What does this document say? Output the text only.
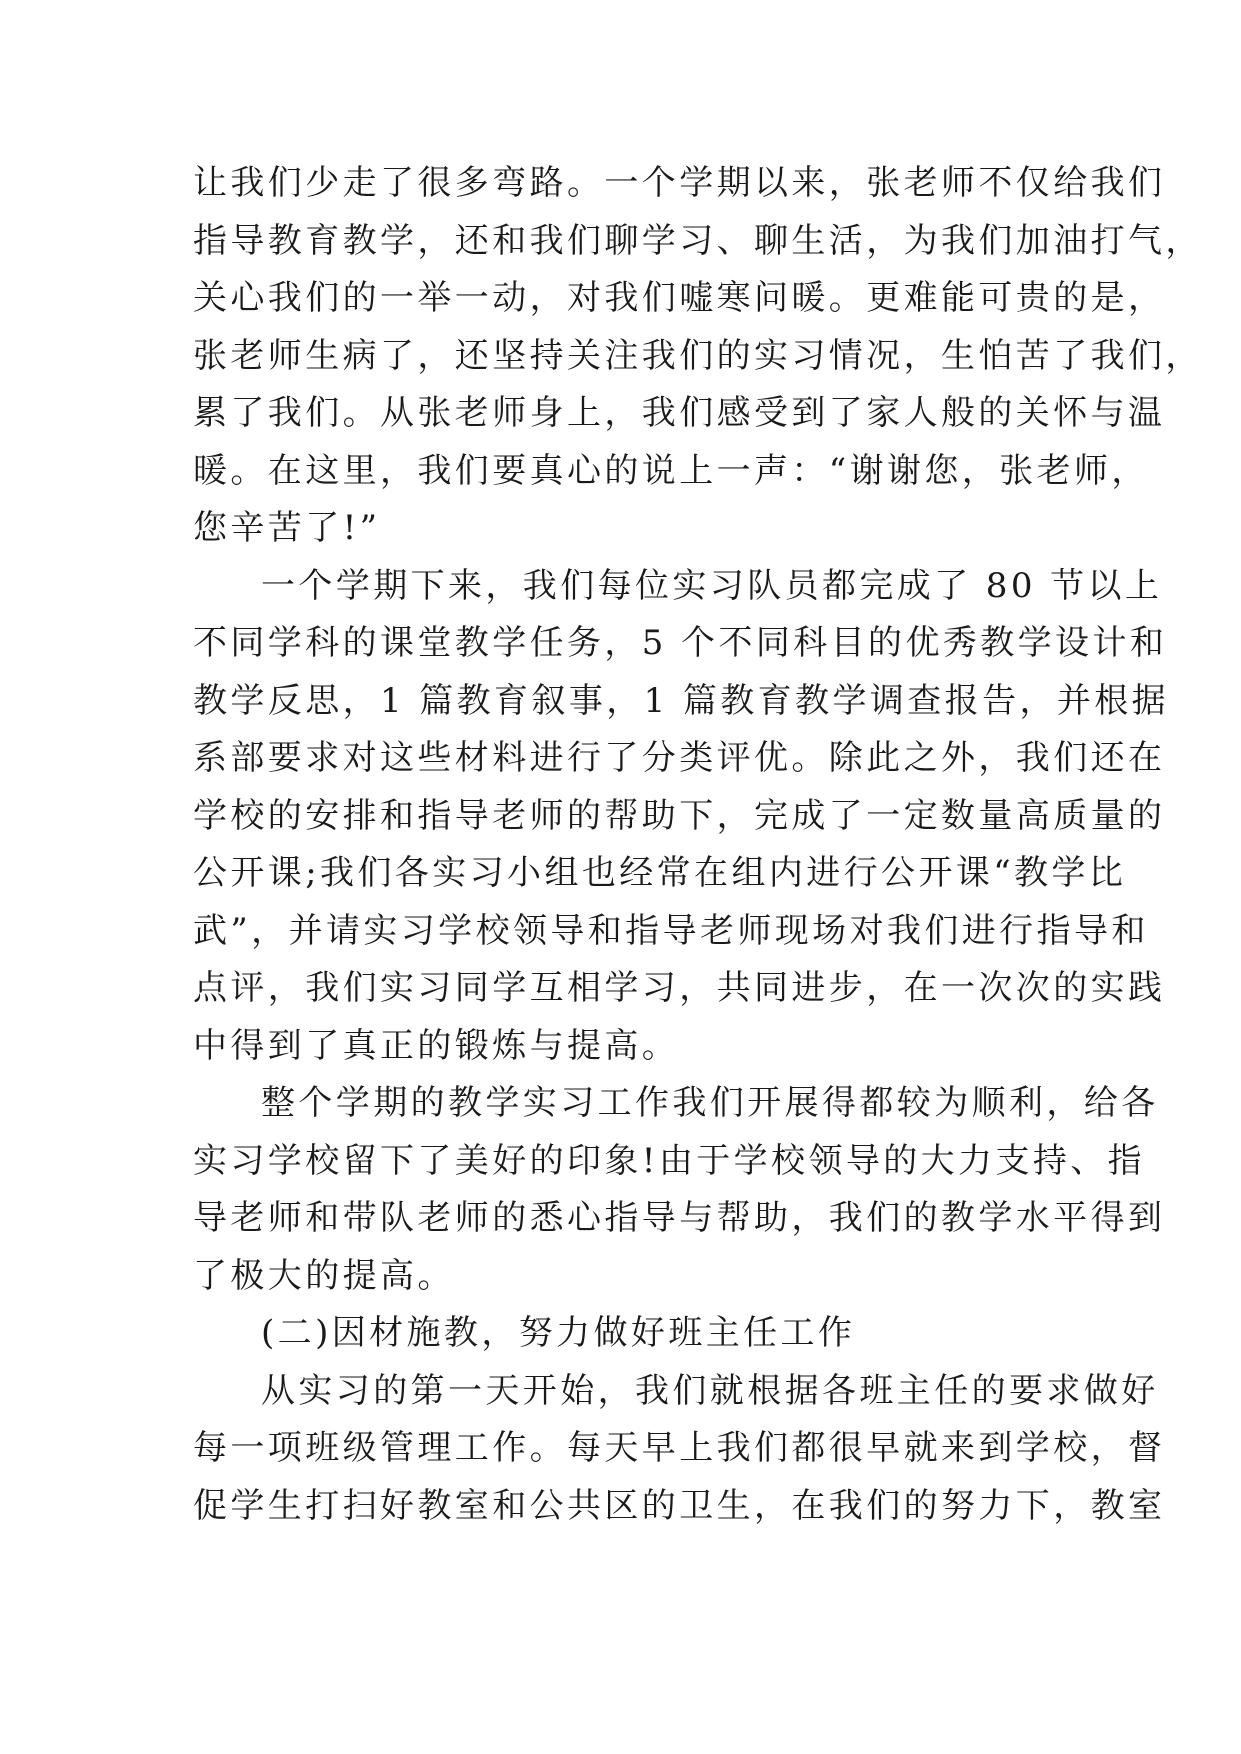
让我们少走了很多弯路。一个学期以来，张老师不仅给我们
指导教育教学，还和我们聊学习、聊生活，为我们加油打气，
关心我们的一举一动，对我们嘘寒问暖。更难能可贵的是，
张老师生病了，还坚持关注我们的实习情况，生怕苦了我们，
累了我们。从张老师身上，我们感受到了家人般的关怀与温
暖。在这里，我们要真心的说上一声：“谢谢您，张老师，
您辛苦了!”
一个学期下来，我们每位实习队员都完成了 80 节以上
不同学科的课堂教学任务，5 个不同科目的优秀教学设计和
教学反思，1 篇教育叙事，1 篇教育教学调查报告，并根据
系部要求对这些材料进行了分类评优。除此之外，我们还在
学校的安排和指导老师的帮助下，完成了一定数量高质量的
公开课;我们各实习小组也经常在组内进行公开课“教学比
武”，并请实习学校领导和指导老师现场对我们进行指导和
点评，我们实习同学互相学习，共同进步，在一次次的实践
中得到了真正的锻炼与提高。
整个学期的教学实习工作我们开展得都较为顺利，给各
实习学校留下了美好的印象!由于学校领导的大力支持、指
导老师和带队老师的悉心指导与帮助，我们的教学水平得到
了极大的提高。
(二)因材施教，努力做好班主任工作
从实习的第一天开始，我们就根据各班主任的要求做好
每一项班级管理工作。每天早上我们都很早就来到学校，督
促学生打扫好教室和公共区的卫生，在我们的努力下，教室
